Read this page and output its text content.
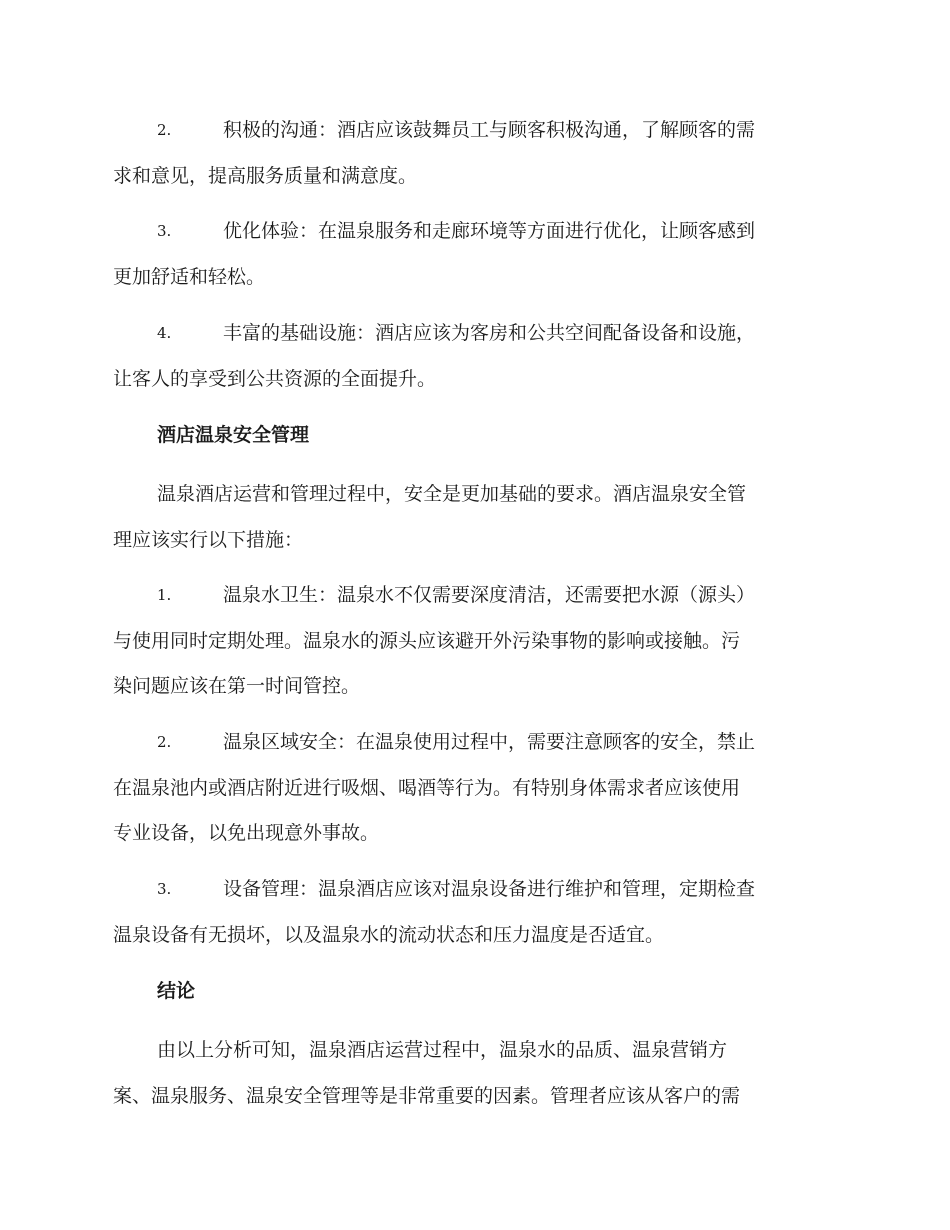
2.	积极的沟通：酒店应该鼓舞员工与顾客积极沟通，了解顾客的需
求和意见，提高服务质量和满意度。
3.	优化体验：在温泉服务和走廊环境等方面进行优化，让顾客感到
更加舒适和轻松。
4.	丰富的基础设施：酒店应该为客房和公共空间配备设备和设施，
让客人的享受到公共资源的全面提升。
酒店温泉安全管理
温泉酒店运营和管理过程中，安全是更加基础的要求。酒店温泉安全管
理应该实行以下措施：
1.	温泉水卫生：温泉水不仅需要深度清洁，还需要把水源（源头）
与使用同时定期处理。温泉水的源头应该避开外污染事物的影响或接触。污
染问题应该在第一时间管控。
2.	温泉区域安全：在温泉使用过程中，需要注意顾客的安全，禁止
在温泉池内或酒店附近进行吸烟、喝酒等行为。有特别身体需求者应该使用
专业设备，以免出现意外事故。
3.	设备管理：温泉酒店应该对温泉设备进行维护和管理，定期检查
温泉设备有无损坏，以及温泉水的流动状态和压力温度是否适宜。
结论
由以上分析可知，温泉酒店运营过程中，温泉水的品质、温泉营销方
案、温泉服务、温泉安全管理等是非常重要的因素。管理者应该从客户的需
